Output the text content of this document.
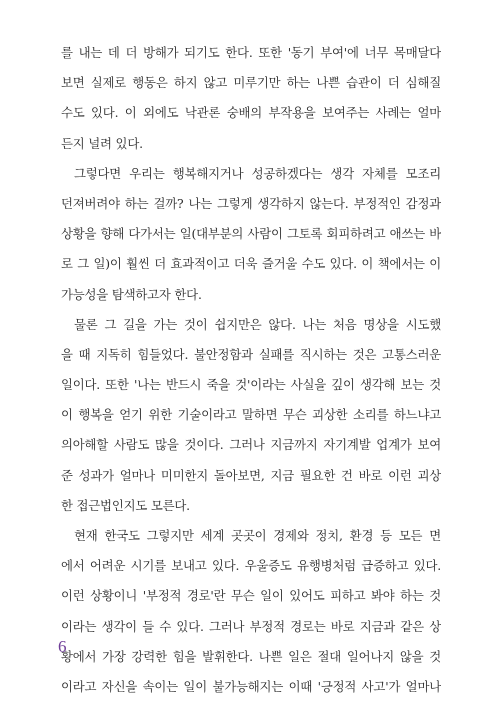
를 내는 데 더 방해가 되기도 한다. 또한 '동기 부여'에 너무 목매달다
보면 실제로 행동은 하지 않고 미루기만 하는 나쁜 습관이 더 심해질
수도 있다. 이 외에도 낙관론 숭배의 부작용을 보여주는 사례는 얼마
든지 널려 있다.
그렇다면 우리는 행복해지거나 성공하겠다는 생각 자체를 모조리
던져버려야 하는 걸까? 나는 그렇게 생각하지 않는다. 부정적인 감정과
상황을 향해 다가서는 일(대부분의 사람이 그토록 회피하려고 애쓰는 바
로 그 일)이 훨씬 더 효과적이고 더욱 즐거울 수도 있다. 이 책에서는 이
가능성을 탐색하고자 한다.
물론 그 길을 가는 것이 쉽지만은 않다. 나는 처음 명상을 시도했
을 때 지독히 힘들었다. 불안정함과 실패를 직시하는 것은 고통스러운
일이다. 또한 '나는 반드시 죽을 것'이라는 사실을 깊이 생각해 보는 것
이 행복을 얻기 위한 기술이라고 말하면 무슨 괴상한 소리를 하느냐고
의아해할 사람도 많을 것이다. 그러나 지금까지 자기계발 업계가 보여
준 성과가 얼마나 미미한지 돌아보면, 지금 필요한 건 바로 이런 괴상
한 접근법인지도 모른다.
현재 한국도 그렇지만 세계 곳곳이 경제와 정치, 환경 등 모든 면
에서 어려운 시기를 보내고 있다. 우울증도 유행병처럼 급증하고 있다.
이런 상황이니 '부정적 경로'란 무슨 일이 있어도 피하고 봐야 하는 것
이라는 생각이 들 수 있다. 그러나 부정적 경로는 바로 지금과 같은 상
황에서 가장 강력한 힘을 발휘한다. 나쁜 일은 절대 일어나지 않을 것
이라고 자신을 속이는 일이 불가능해지는 이때 '긍정적 사고'가 얼마나
6
